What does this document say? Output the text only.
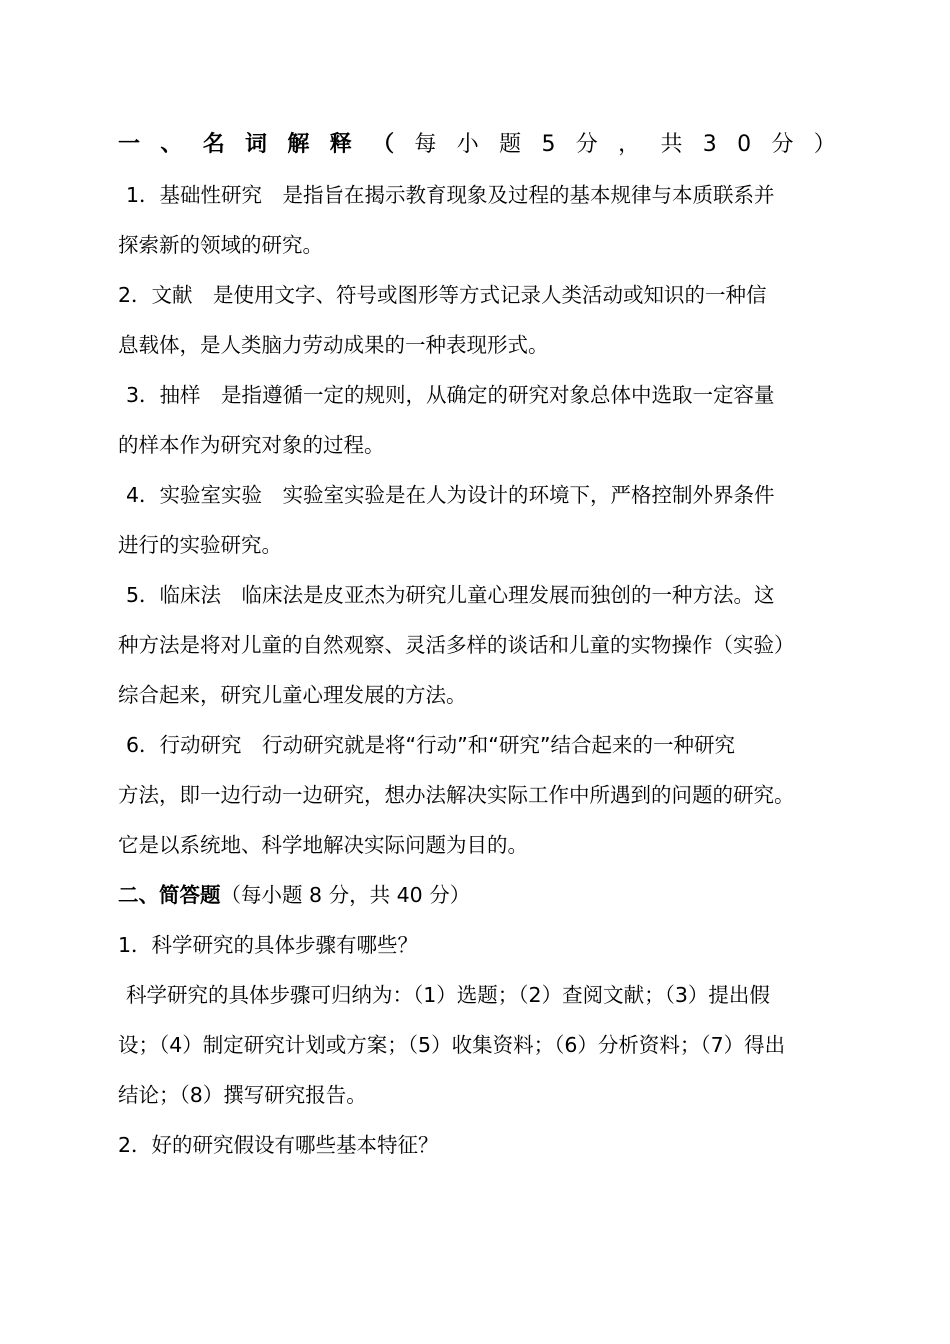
一 、 名 词 解 释 （ 每 小 题 5 分 ， 共 3 0 分 ）
1．基础性研究　是指旨在揭示教育现象及过程的基本规律与本质联系并
探索新的领域的研究。
2．文献　是使用文字、符号或图形等方式记录人类活动或知识的一种信
息载体，是人类脑力劳动成果的一种表现形式。
3．抽样　是指遵循一定的规则，从确定的研究对象总体中选取一定容量
的样本作为研究对象的过程。
4．实验室实验　实验室实验是在人为设计的环境下，严格控制外界条件
进行的实验研究。
5．临床法　临床法是皮亚杰为研究儿童心理发展而独创的一种方法。这
种方法是将对儿童的自然观察、灵活多样的谈话和儿童的实物操作（实验）
综合起来，研究儿童心理发展的方法。
6．行动研究　行动研究就是将“行动”和“研究”结合起来的一种研究
方法，即一边行动一边研究，想办法解决实际工作中所遇到的问题的研究。
它是以系统地、科学地解决实际问题为目的。
二、简答题（每小题 8 分，共 40 分）
1．科学研究的具体步骤有哪些？
科学研究的具体步骤可归纳为：（1）选题；（2）查阅文献；（3）提出假
设；（4）制定研究计划或方案；（5）收集资料；（6）分析资料；（7）得出
结论；（8）撰写研究报告。
2．好的研究假设有哪些基本特征？
